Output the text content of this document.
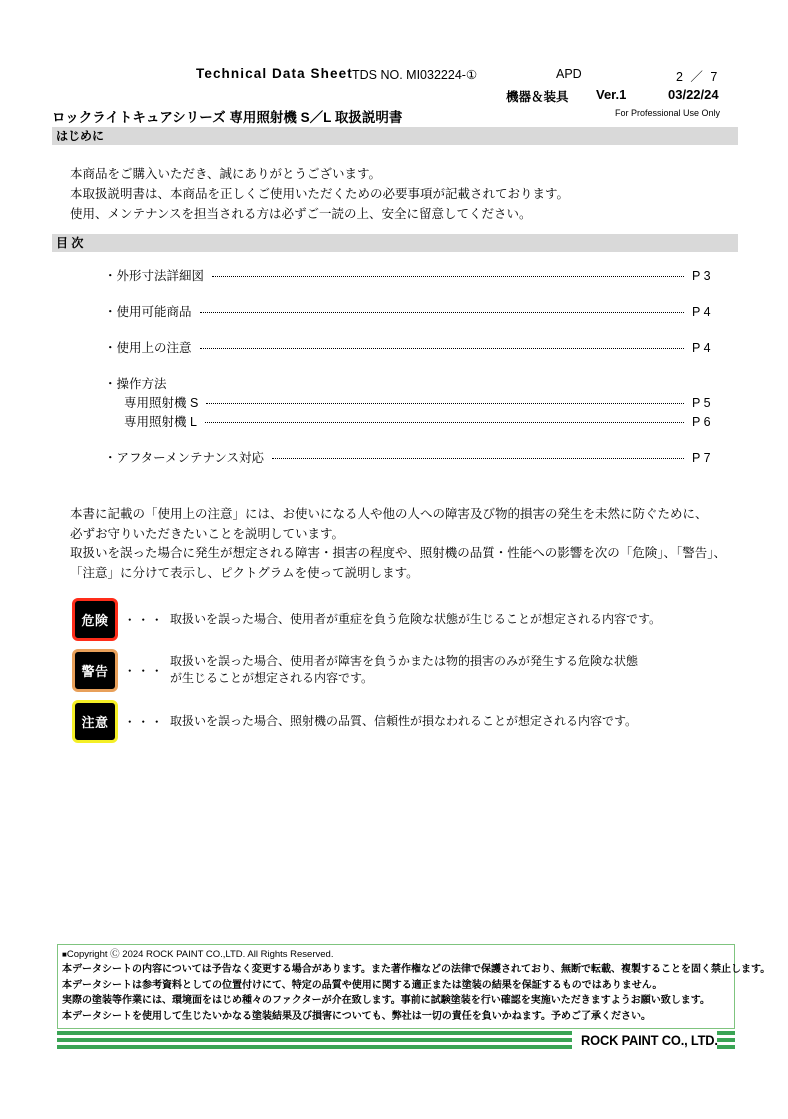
Technical Data Sheet TDS NO. MI032224-①	APD	2 ／ 7
機器＆装具 Ver.1	03/22/24
For Professional Use Only
ロックライトキュアシリーズ 専用照射機 S／L 取扱説明書
はじめに
本商品をご購入いただき、誠にありがとうございます。
本取扱説明書は、本商品を正しくご使用いただくための必要事項が記載されております。
使用、メンテナンスを担当される方は必ずご一読の上、安全に留意してください。
目 次
・外形寸法詳細図	P 3
・使用可能商品	P 4
・使用上の注意	P 4
・操作方法
専用照射機 S	P 5
専用照射機 L	P 6
・アフターメンテナンス対応	P 7
本書に記載の「使用上の注意」には、お使いになる人や他の人への障害及び物的損害の発生を未然に防ぐために、
必ずお守りいただきたいことを説明しています。
取扱いを誤った場合に発生が想定される障害・損害の程度や、照射機の品質・性能への影響を次の「危険」、「警告」、
「注意」に分けて表示し、ピクトグラムを使って説明します。
危険	・・・ 取扱いを誤った場合、使用者が重症を負う危険な状態が生じることが想定される内容です。
警告	・・・
取扱いを誤った場合、使用者が障害を負うかまたは物的損害のみが発生する危険な状態
が生じることが想定される内容です。
注意	・・・ 取扱いを誤った場合、照射機の品質、信頼性が損なわれることが想定される内容です。
■Copyright Ⓒ 2024 ROCK PAINT CO.,LTD. All Rights Reserved.
本データシートの内容については予告なく変更する場合があります。また著作権などの法律で保護されており、無断で転載、複製することを固く禁止します。
本データシートは参考資料としての位置付けにて、特定の品質や使用に関する適正または塗装の結果を保証するものではありません。
実際の塗装等作業には、環境面をはじめ種々のファクターが介在致します。事前に試験塗装を行い確認を実施いただきますようお願い致します。
本データシートを使用して生じたいかなる塗装結果及び損害についても、弊社は一切の責任を負いかねます。予めご了承ください。
ROCK PAINT CO., LTD.
